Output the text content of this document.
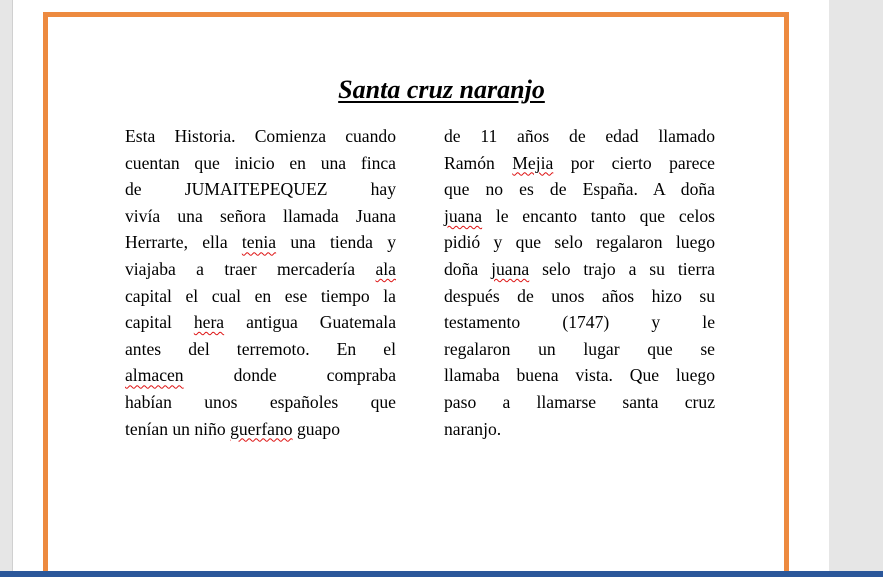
Santa cruz naranjo
Esta Historia. Comienza cuando
cuentan que inicio en una finca
de JUMAITEPEQUEZ hay
vivía una señora llamada Juana
Herrarte, ella tenia una tienda y
viajaba a traer mercadería ala
capital el cual en ese tiempo la
capital hera antigua Guatemala
antes del terremoto. En el
almacen donde compraba
habían unos españoles que
tenían un niño guerfano guapo
de 11 años de edad llamado
Ramón Mejia por cierto parece
que no es de España. A doña
juana le encanto tanto que celos
pidió y que selo regalaron luego
doña juana selo trajo a su tierra
después de unos años hizo su
testamento (1747) y le
regalaron un lugar que se
llamaba buena vista. Que luego
paso a llamarse santa cruz
naranjo.
